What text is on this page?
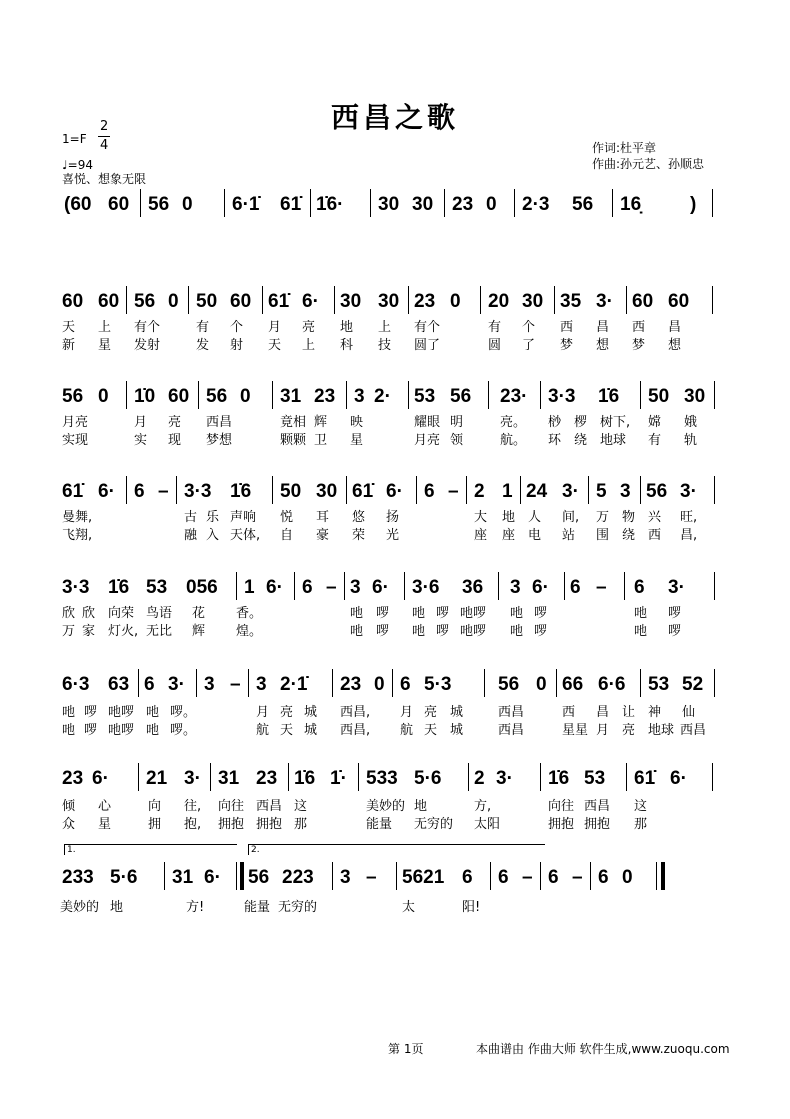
西昌之歌
1=F
2
4
♩=94
喜悦、想象无限
作词:杜平章
作曲:孙元艺、孙顺忠
(60 60 56 0 6·1̇ 61̇ 1̇6· 30 30 23 0 2·3 56 16̣	)
60 60 56 0 50 60 61̇ 6· 30 30 23 0 20 30 35 3· 60 60
天 上 有个	有 个 月 亮 地 上 有个	有 个 西 昌 西 昌
新 星 发射	发 射 天 上 科 技 圆了	圆 了 梦 想 梦 想
56 0 1̇0 60 56 0 31 23 3 2· 53 56 23· 3·3 1̇6 50 30
月亮	月 亮 西昌	竟相 辉 映	耀眼 明	亮。 桫 椤 树下, 嫦 娥
实现	实 现 梦想	颗颗 卫 星	月亮 领	航。 环 绕 地球 有 轨
61̇ 6· 6 – 3·3 1̇6 50 30 61̇ 6· 6 – 2 1 24 3· 5 3 56 3·
曼舞,	古 乐 声响 悦 耳 悠 扬	大 地 人 间, 万 物 兴 旺,
飞翔,	融 入 天体, 自 豪 荣 光	座 座 电 站 围 绕 西 昌,
3·3 1̇6 53 056 1 6· 6 – 3 6· 3·6 36 3 6· 6 – 6 3·
欣 欣 向荣 鸟语 花 香。	吔 啰 吔 啰 吔啰 吔 啰	吔 啰
万 家 灯火, 无比 辉 煌。	吔 啰 吔 啰 吔啰 吔 啰	吔 啰
6·3 63 6 3· 3 – 3 2·1̇ 23 0 6 5·3 56 0 66 6·6 53 52
吔 啰 吔啰 吔 啰。	月 亮 城 西昌, 月 亮 城	西昌	西 昌 让 神 仙
吔 啰 吔啰 吔 啰。	航 天 城 西昌, 航 天 城	西昌	星星 月 亮 地球 西昌
23 6· 21 3· 31 23 1̇6 1̇· 533 5·6 2 3· 1̇6 53 61̇ 6·
倾 心	向 往, 向往 西昌 这	美妙的 地	方,	向往 西昌 这
众 星	拥 抱, 拥抱 拥抱 那	能量 无穷的 太阳	拥抱 拥抱 那
1.	2.
233 5·6 31 6· 56 223 3 – 5621 6 6 – 6 – 6 0
美妙的 地	方!	能量 无穷的	太	阳!
第 1页	本曲谱由 作曲大师 软件生成,www.zuoqu.com
